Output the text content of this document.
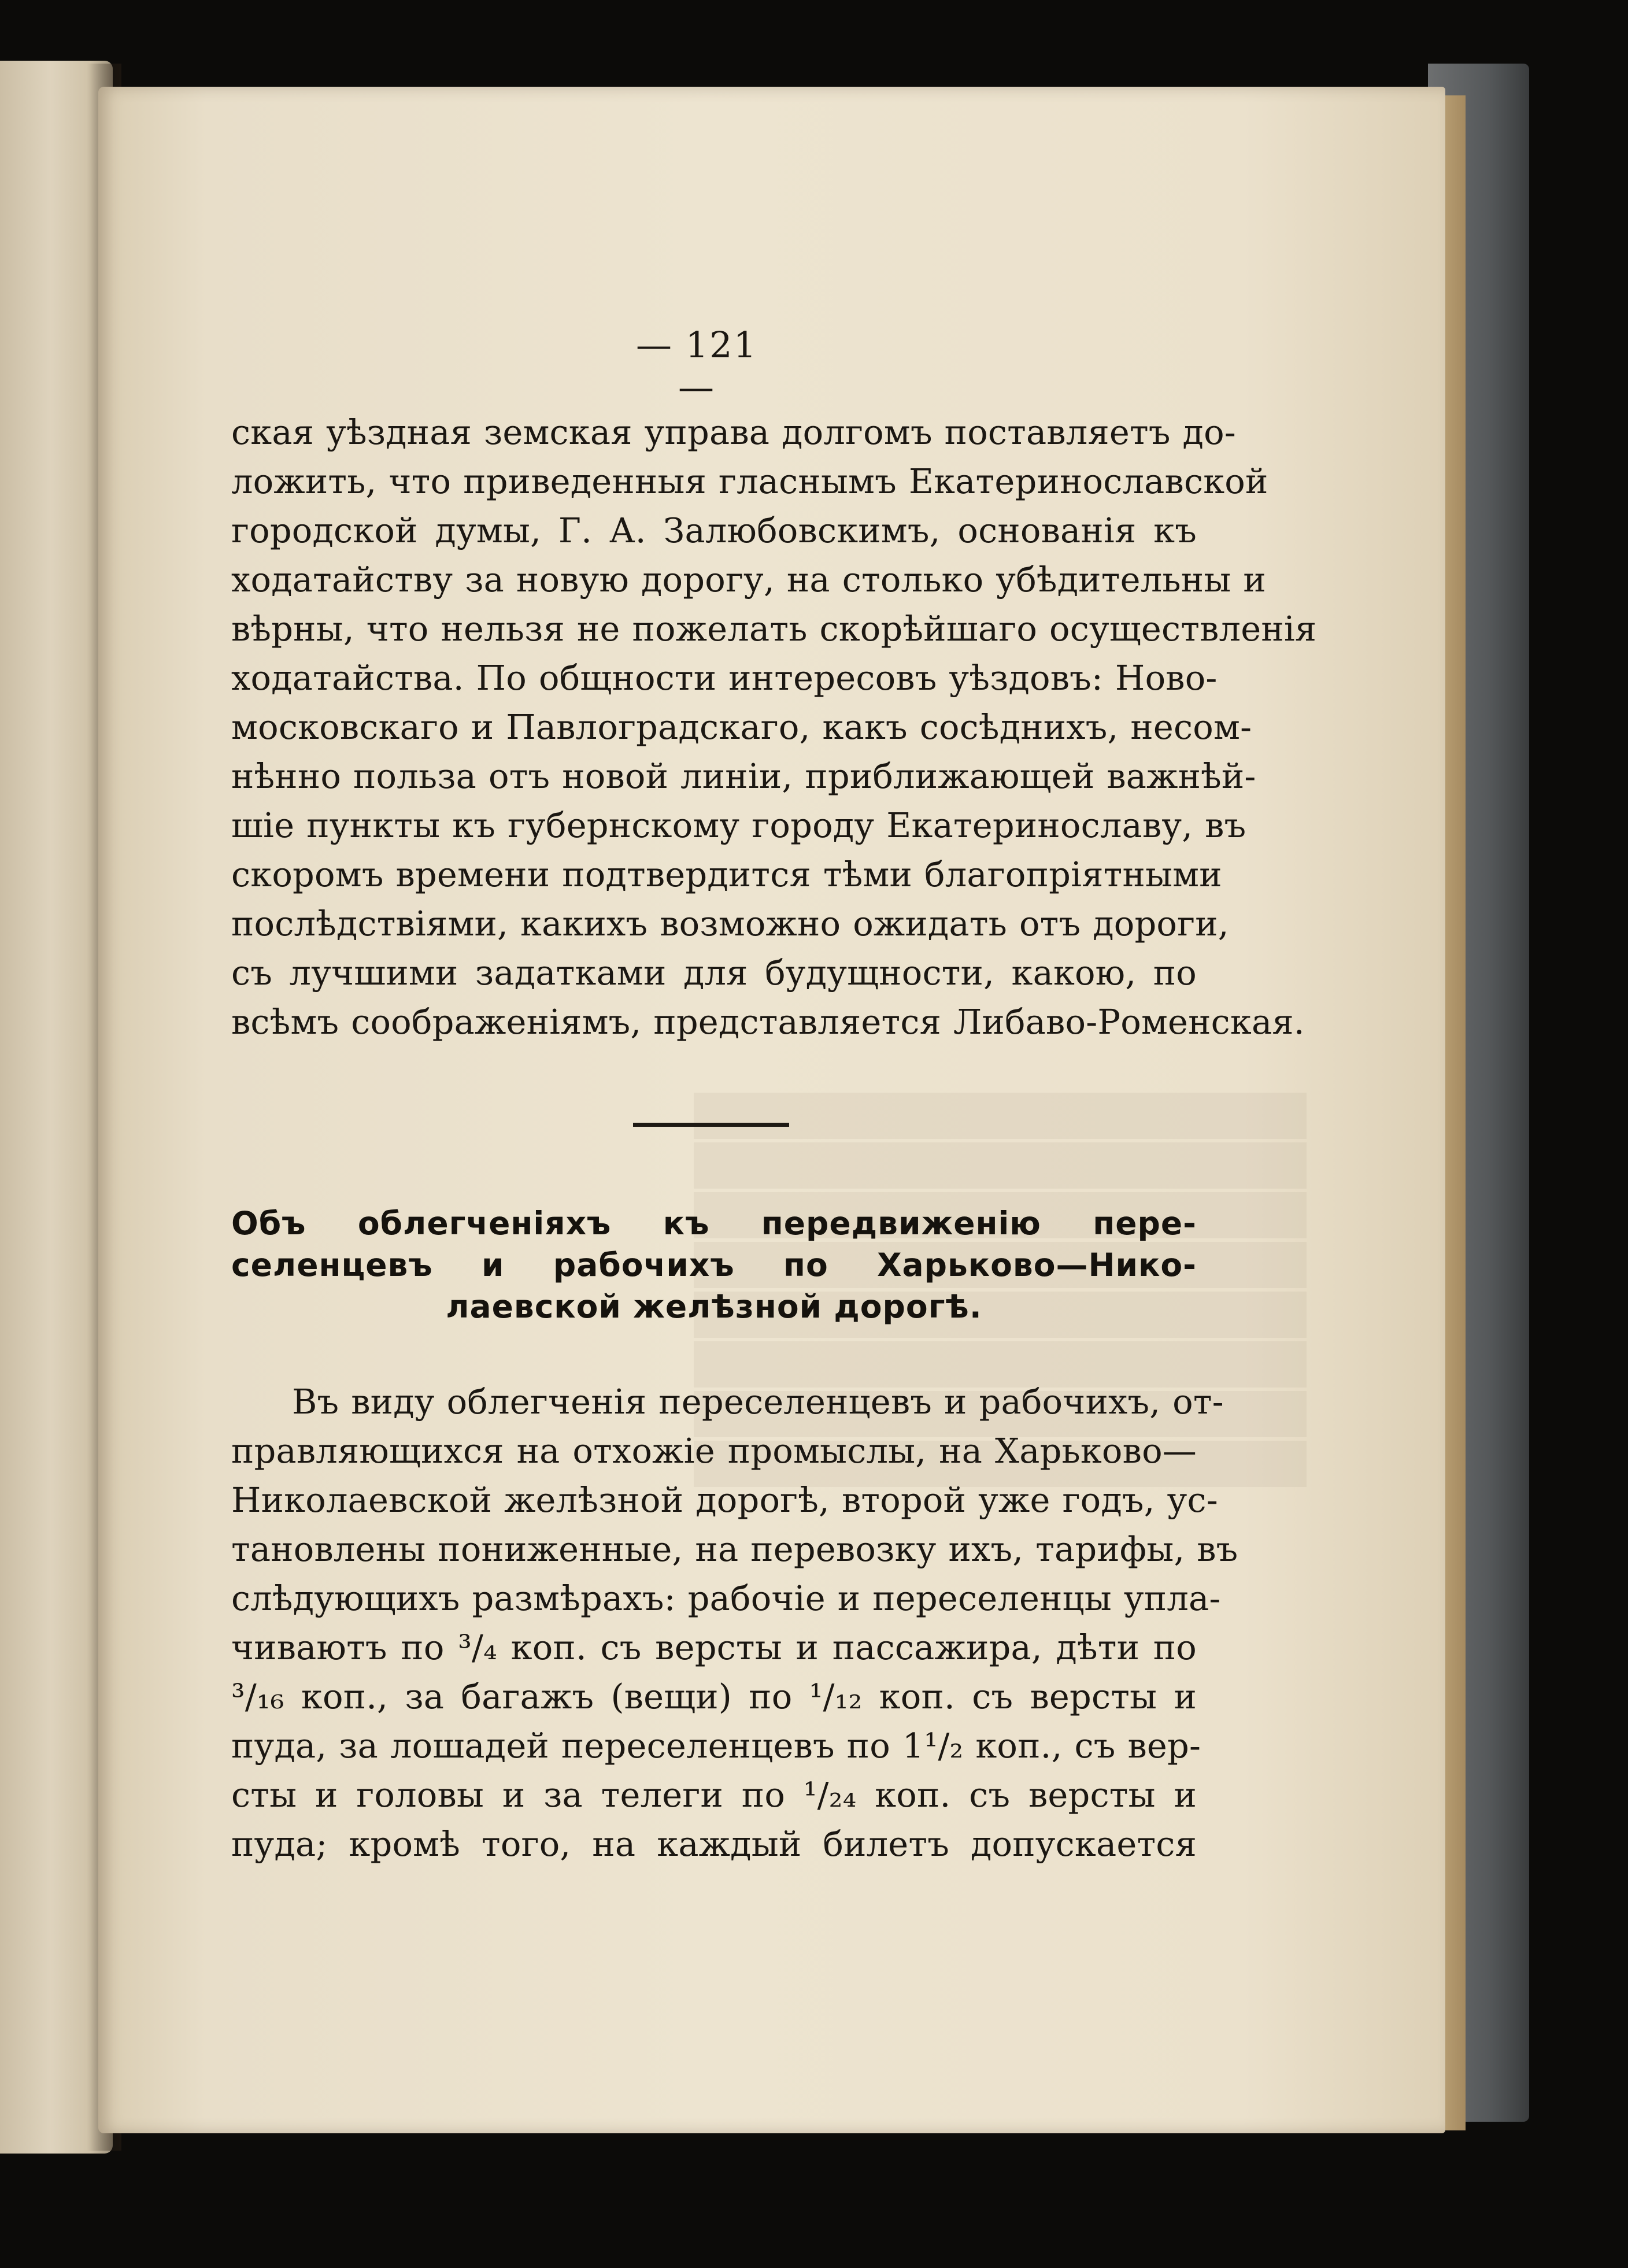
— 121 —
ская уѣздная земская управа долгомъ поставляетъ до-
ложить, что приведенныя гласнымъ Екатеринославской
городской думы, Г. А. Залюбовскимъ, основанія къ
ходатайству за новую дорогу, на столько убѣдительны и
вѣрны, что нельзя не пожелать скорѣйшаго осуществленія
ходатайства. По общности интересовъ уѣздовъ: Ново-
московскаго и Павлоградскаго, какъ сосѣднихъ, несом-
нѣнно польза отъ новой линіи, приближающей важнѣй-
шіе пункты къ губернскому городу Екатеринославу, въ
скоромъ времени подтвердится тѣми благопріятными
послѣдствіями, какихъ возможно ожидать отъ дороги,
съ лучшими задатками для будущности, какою, по
всѣмъ соображеніямъ, представляется Либаво-Роменская.
Объ облегченіяхъ къ передвиженію пере-
селенцевъ и рабочихъ по Харьково—Нико-
лаевской желѣзной дорогѣ.
Въ виду облегченія переселенцевъ и рабочихъ, от-
правляющихся на отхожіе промыслы, на Харьково—
Николаевской желѣзной дорогѣ, второй уже годъ, ус-
тановлены пониженные, на перевозку ихъ, тарифы, въ
слѣдующихъ размѣрахъ: рабочіе и переселенцы упла-
чиваютъ по ³/₄ коп. съ версты и пассажира, дѣти по
³/₁₆ коп., за багажъ (вещи) по ¹/₁₂ коп. съ версты и
пуда, за лошадей переселенцевъ по 1¹/₂ коп., съ вер-
сты и головы и за телеги по ¹/₂₄ коп. съ версты и
пуда; кромѣ того, на каждый билетъ допускается
